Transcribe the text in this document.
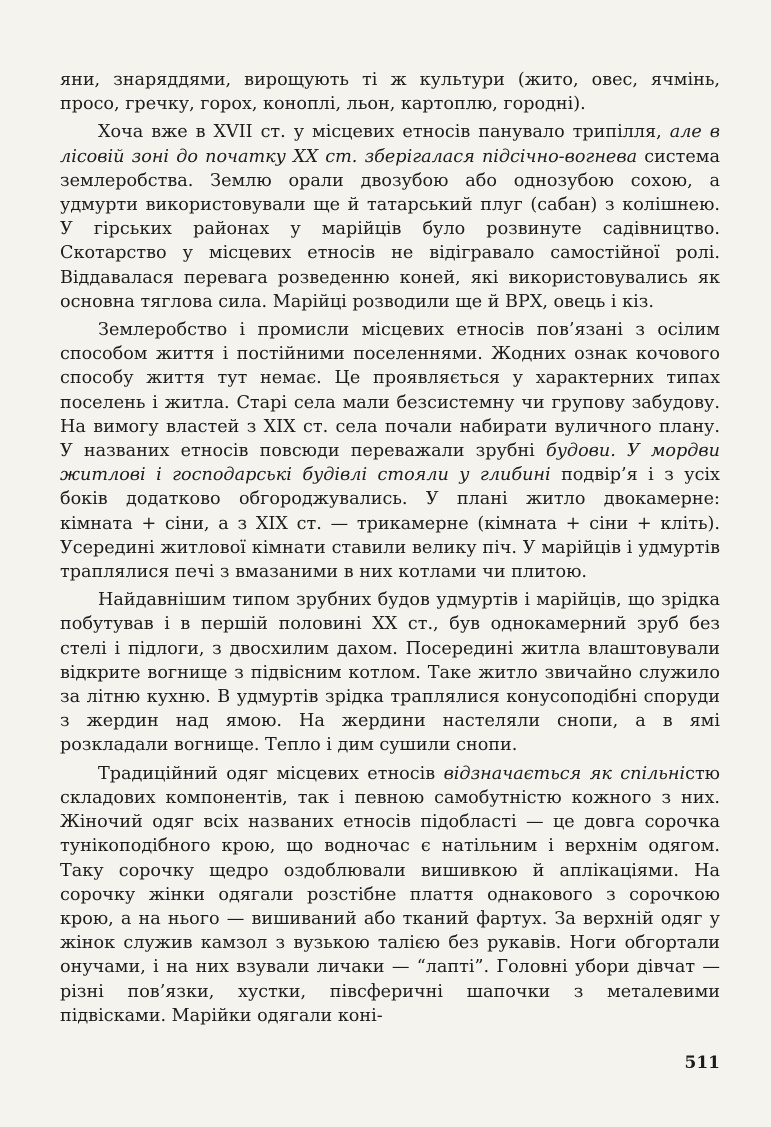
яни, знаряддями, вирощують ті ж культури (жито, овес, ячмінь, просо, гречку, горох, коноплі, льон, картоплю, городні).

Хоча вже в XVII ст. у місцевих етносів панувало трипілля, але в лісовій зоні до початку XX ст. зберігалася підсічно-вогнева система землеробства. Землю орали двозубою або однозубою сохою, а удмурти використовували ще й татарський плуг (сабан) з колішнею. У гірських районах у марійців було розвинуте садівництво. Скотарство у місцевих етносів не відігравало самостійної ролі. Віддавалася перевага розведенню коней, які використовувались як основна тяглова сила. Марійці розводили ще й ВРХ, овець і кіз.

Землеробство і промисли місцевих етносів пов’язані з осілим способом життя і постійними поселеннями. Жодних ознак кочового способу життя тут немає. Це проявляється у характерних типах поселень і житла. Старі села мали безсистемну чи групову забудову. На вимогу властей з XIX ст. села почали набирати вуличного плану. У названих етносів повсюди переважали зрубні будови. У мордви житлові і господарські будівлі стояли у глибині подвір’я і з усіх боків додатково обгороджувались. У плані житло двокамерне: кімната + сіни, а з XIX ст. — трикамерне (кімната + сіни + кліть). Усередині житлової кімнати ставили велику піч. У марійців і удмуртів траплялися печі з вмазаними в них котлами чи плитою.

Найдавнішим типом зрубних будов удмуртів і марійців, що зрідка побутував і в першій половині XX ст., був однокамерний зруб без стелі і підлоги, з двосхилим дахом. Посередині житла влаштовували відкрите вогнище з підвісним котлом. Таке житло звичайно служило за літню кухню. В удмуртів зрідка траплялися конусоподібні споруди з жердин над ямою. На жердини настеляли снопи, а в ямі розкладали вогнище. Тепло і дим сушили снопи.

Традиційний одяг місцевих етносів відзначається як спільністю складових компонентів, так і певною самобутністю кожного з них. Жіночий одяг всіх названих етносів підобласті — це довга сорочка тунікоподібного крою, що водночас є натільним і верхнім одягом. Таку сорочку щедро оздоблювали вишивкою й аплікаціями. На сорочку жінки одягали розстібне плаття однакового з сорочкою крою, а на нього — вишиваний або тканий фартух. За верхній одяг у жінок служив камзол з вузькою талією без рукавів. Ноги обгортали онучами, і на них взували личаки — “лапті”. Головні убори дівчат — різні пов’язки, хустки, півсферичні шапочки з металевими підвісками. Марійки одягали коні-

511
